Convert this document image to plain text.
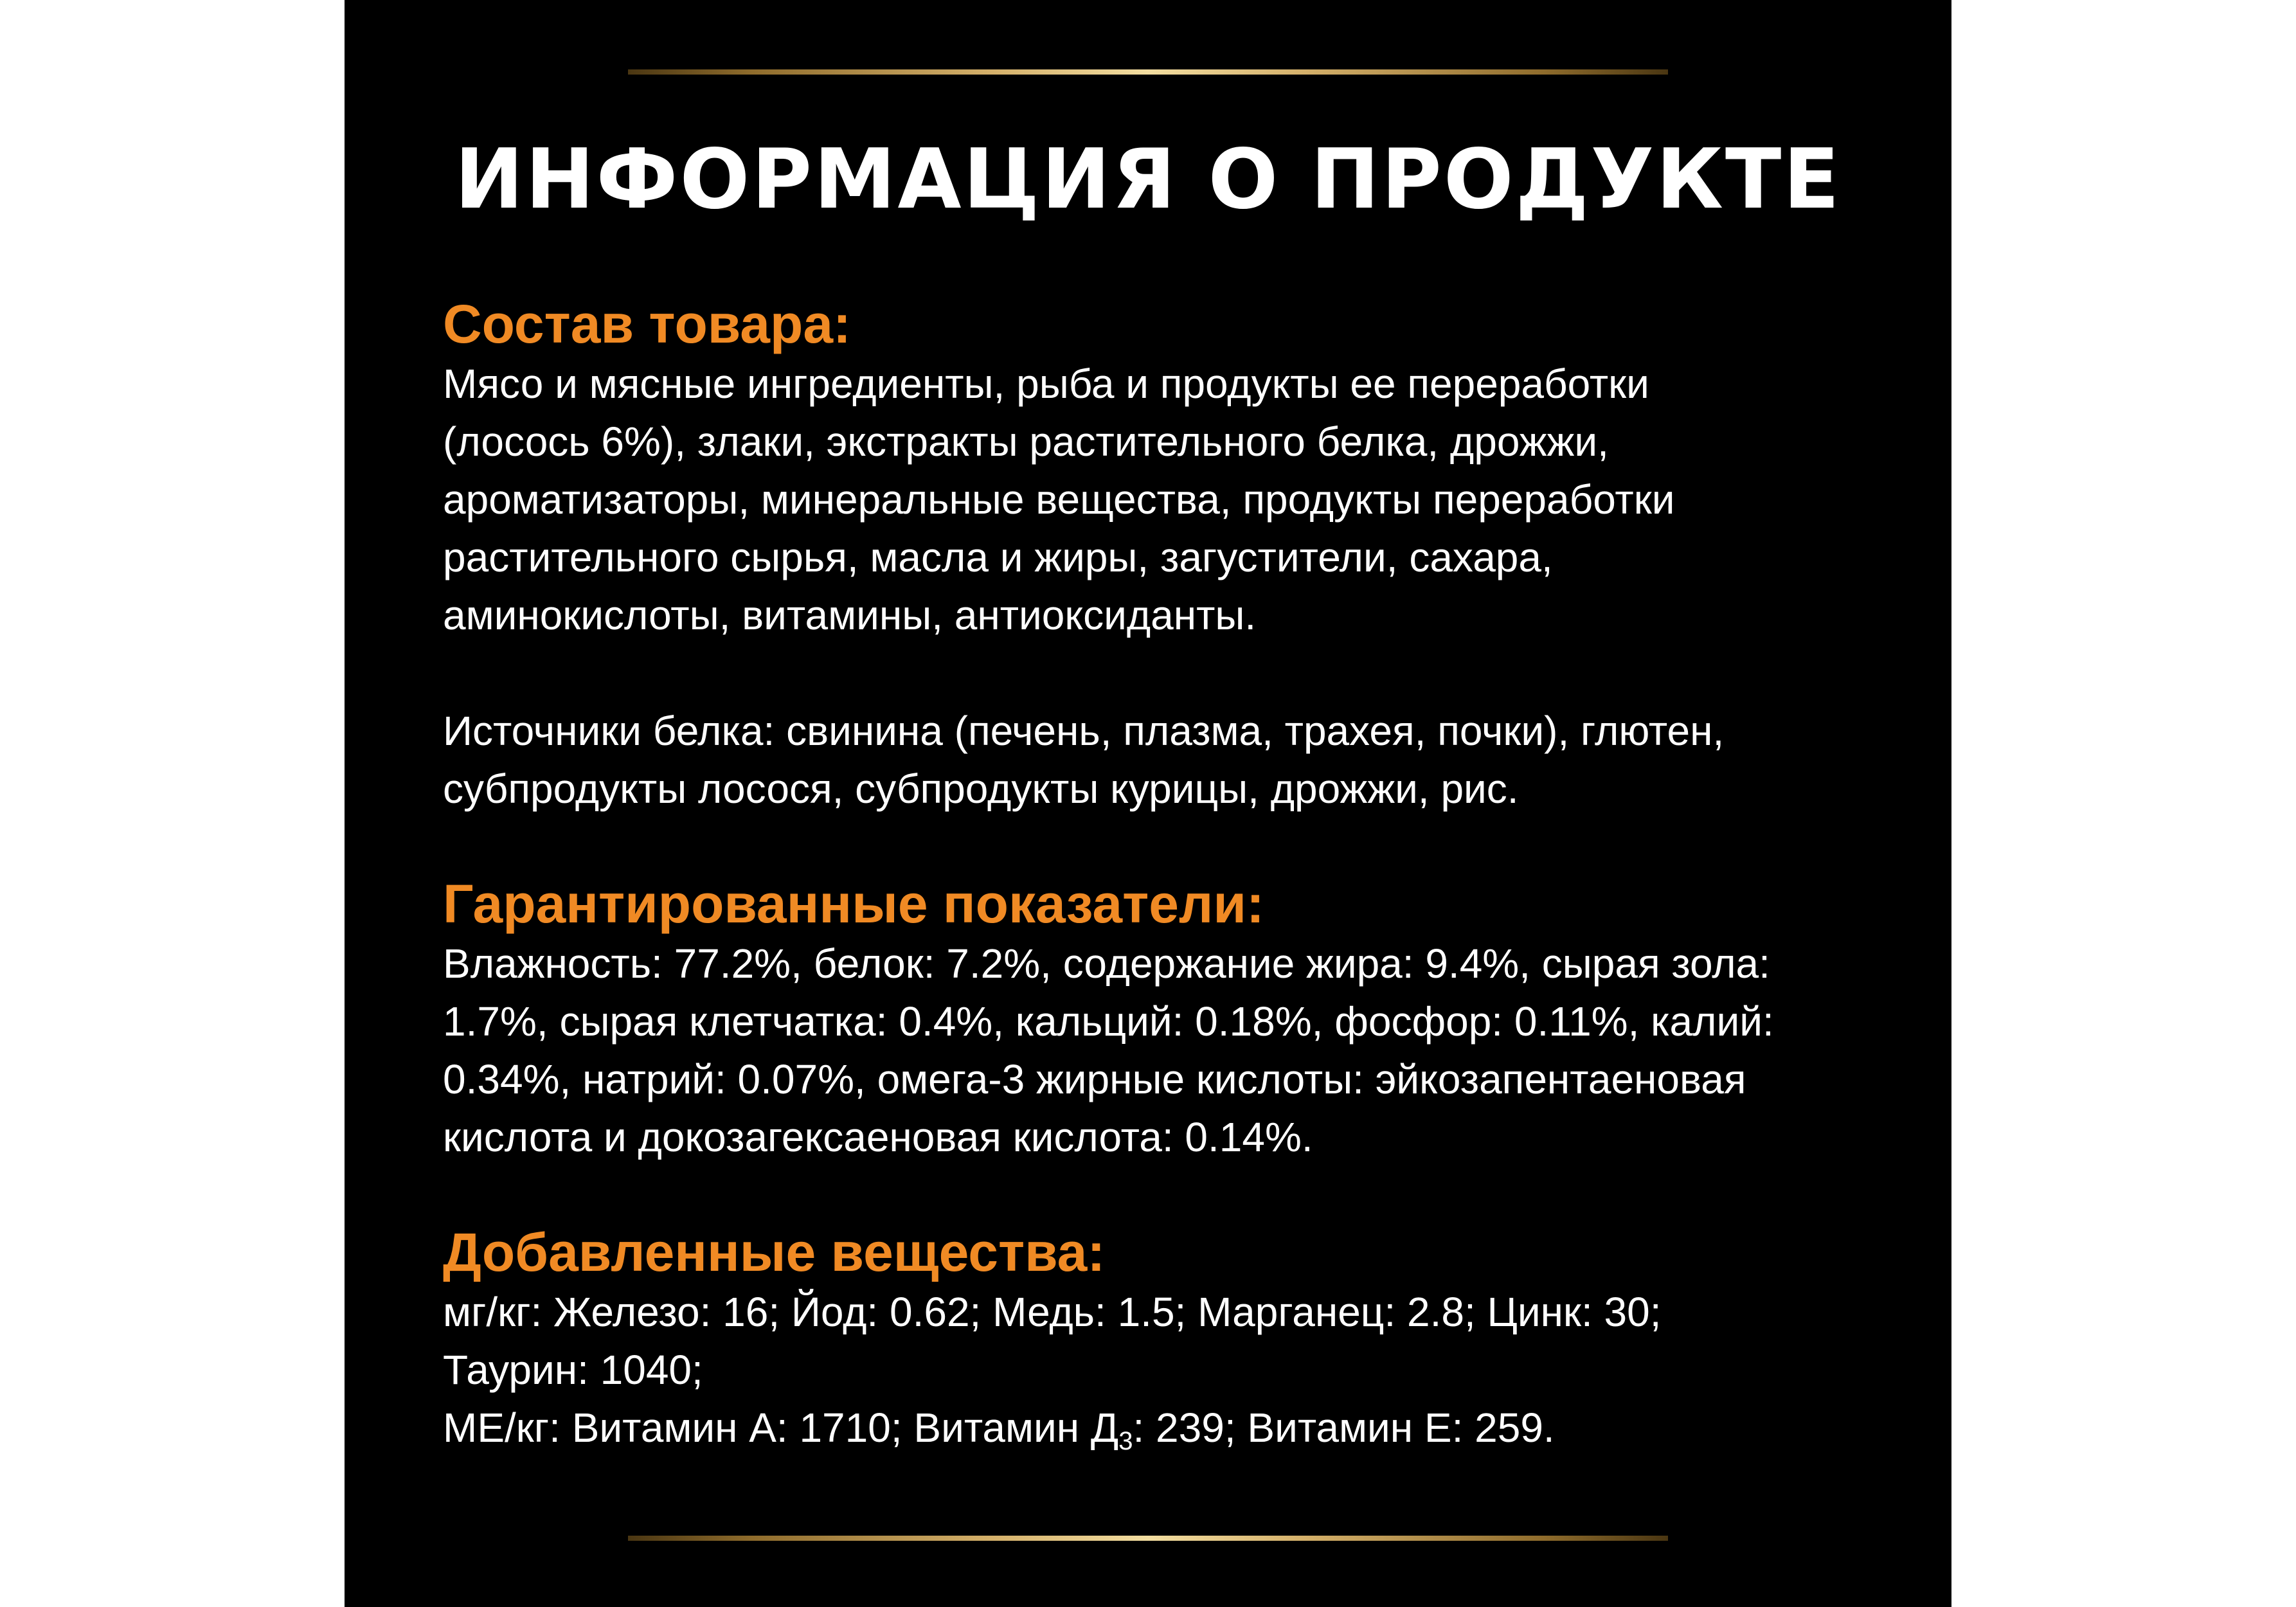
ИНФОРМАЦИЯ О ПРОДУКТЕ
Состав товара:
Мясо и мясные ингредиенты, рыба и продукты ее переработки
(лосось 6%), злаки, экстракты растительного белка, дрожжи,
ароматизаторы, минеральные вещества, продукты переработки
растительного сырья, масла и жиры, загустители, сахара,
аминокислоты, витамины, антиоксиданты.
Источники белка: свинина (печень, плазма, трахея, почки), глютен,
субпродукты лосося, субпродукты курицы, дрожжи, рис.
Гарантированные показатели:
Влажность: 77.2%, белок: 7.2%, содержание жира: 9.4%, сырая зола:
1.7%, сырая клетчатка: 0.4%, кальций: 0.18%, фосфор: 0.11%, калий:
0.34%, натрий: 0.07%, омега-3 жирные кислоты: эйкозапентаеновая
кислота и докозагексаеновая кислота: 0.14%.
Добавленные вещества:
мг/кг: Железо: 16; Йод: 0.62; Медь: 1.5; Марганец: 2.8; Цинк: 30;
Таурин: 1040;
МЕ/кг: Витамин А: 1710; Витамин Д3: 239; Витамин Е: 259.
